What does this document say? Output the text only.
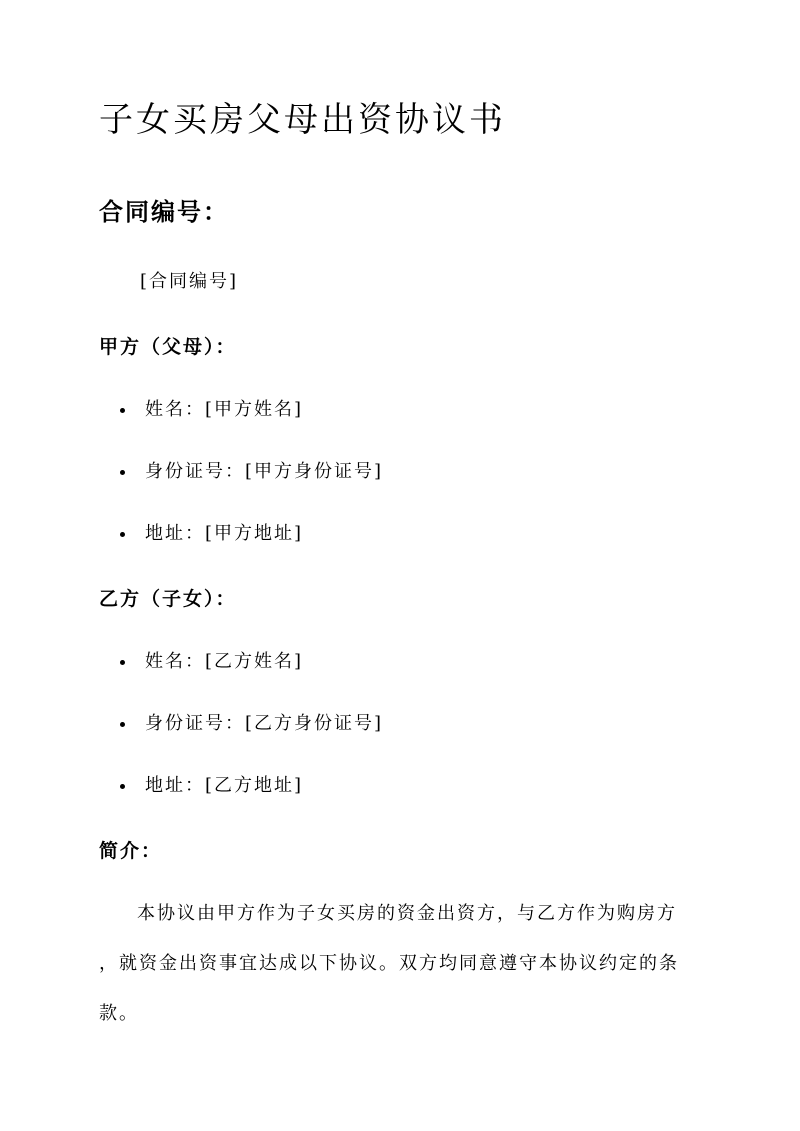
子女买房父母出资协议书
合同编号：

[合同编号]

甲方（父母）：
姓名：[甲方姓名]
身份证号：[甲方身份证号]
地址：[甲方地址]
乙方（子女）：
姓名：[乙方姓名]
身份证号：[乙方身份证号]
地址：[乙方地址]
简介：

本协议由甲方作为子女买房的资金出资方，与乙方作为购房方

，就资金出资事宜达成以下协议。双方均同意遵守本协议约定的条

款。
